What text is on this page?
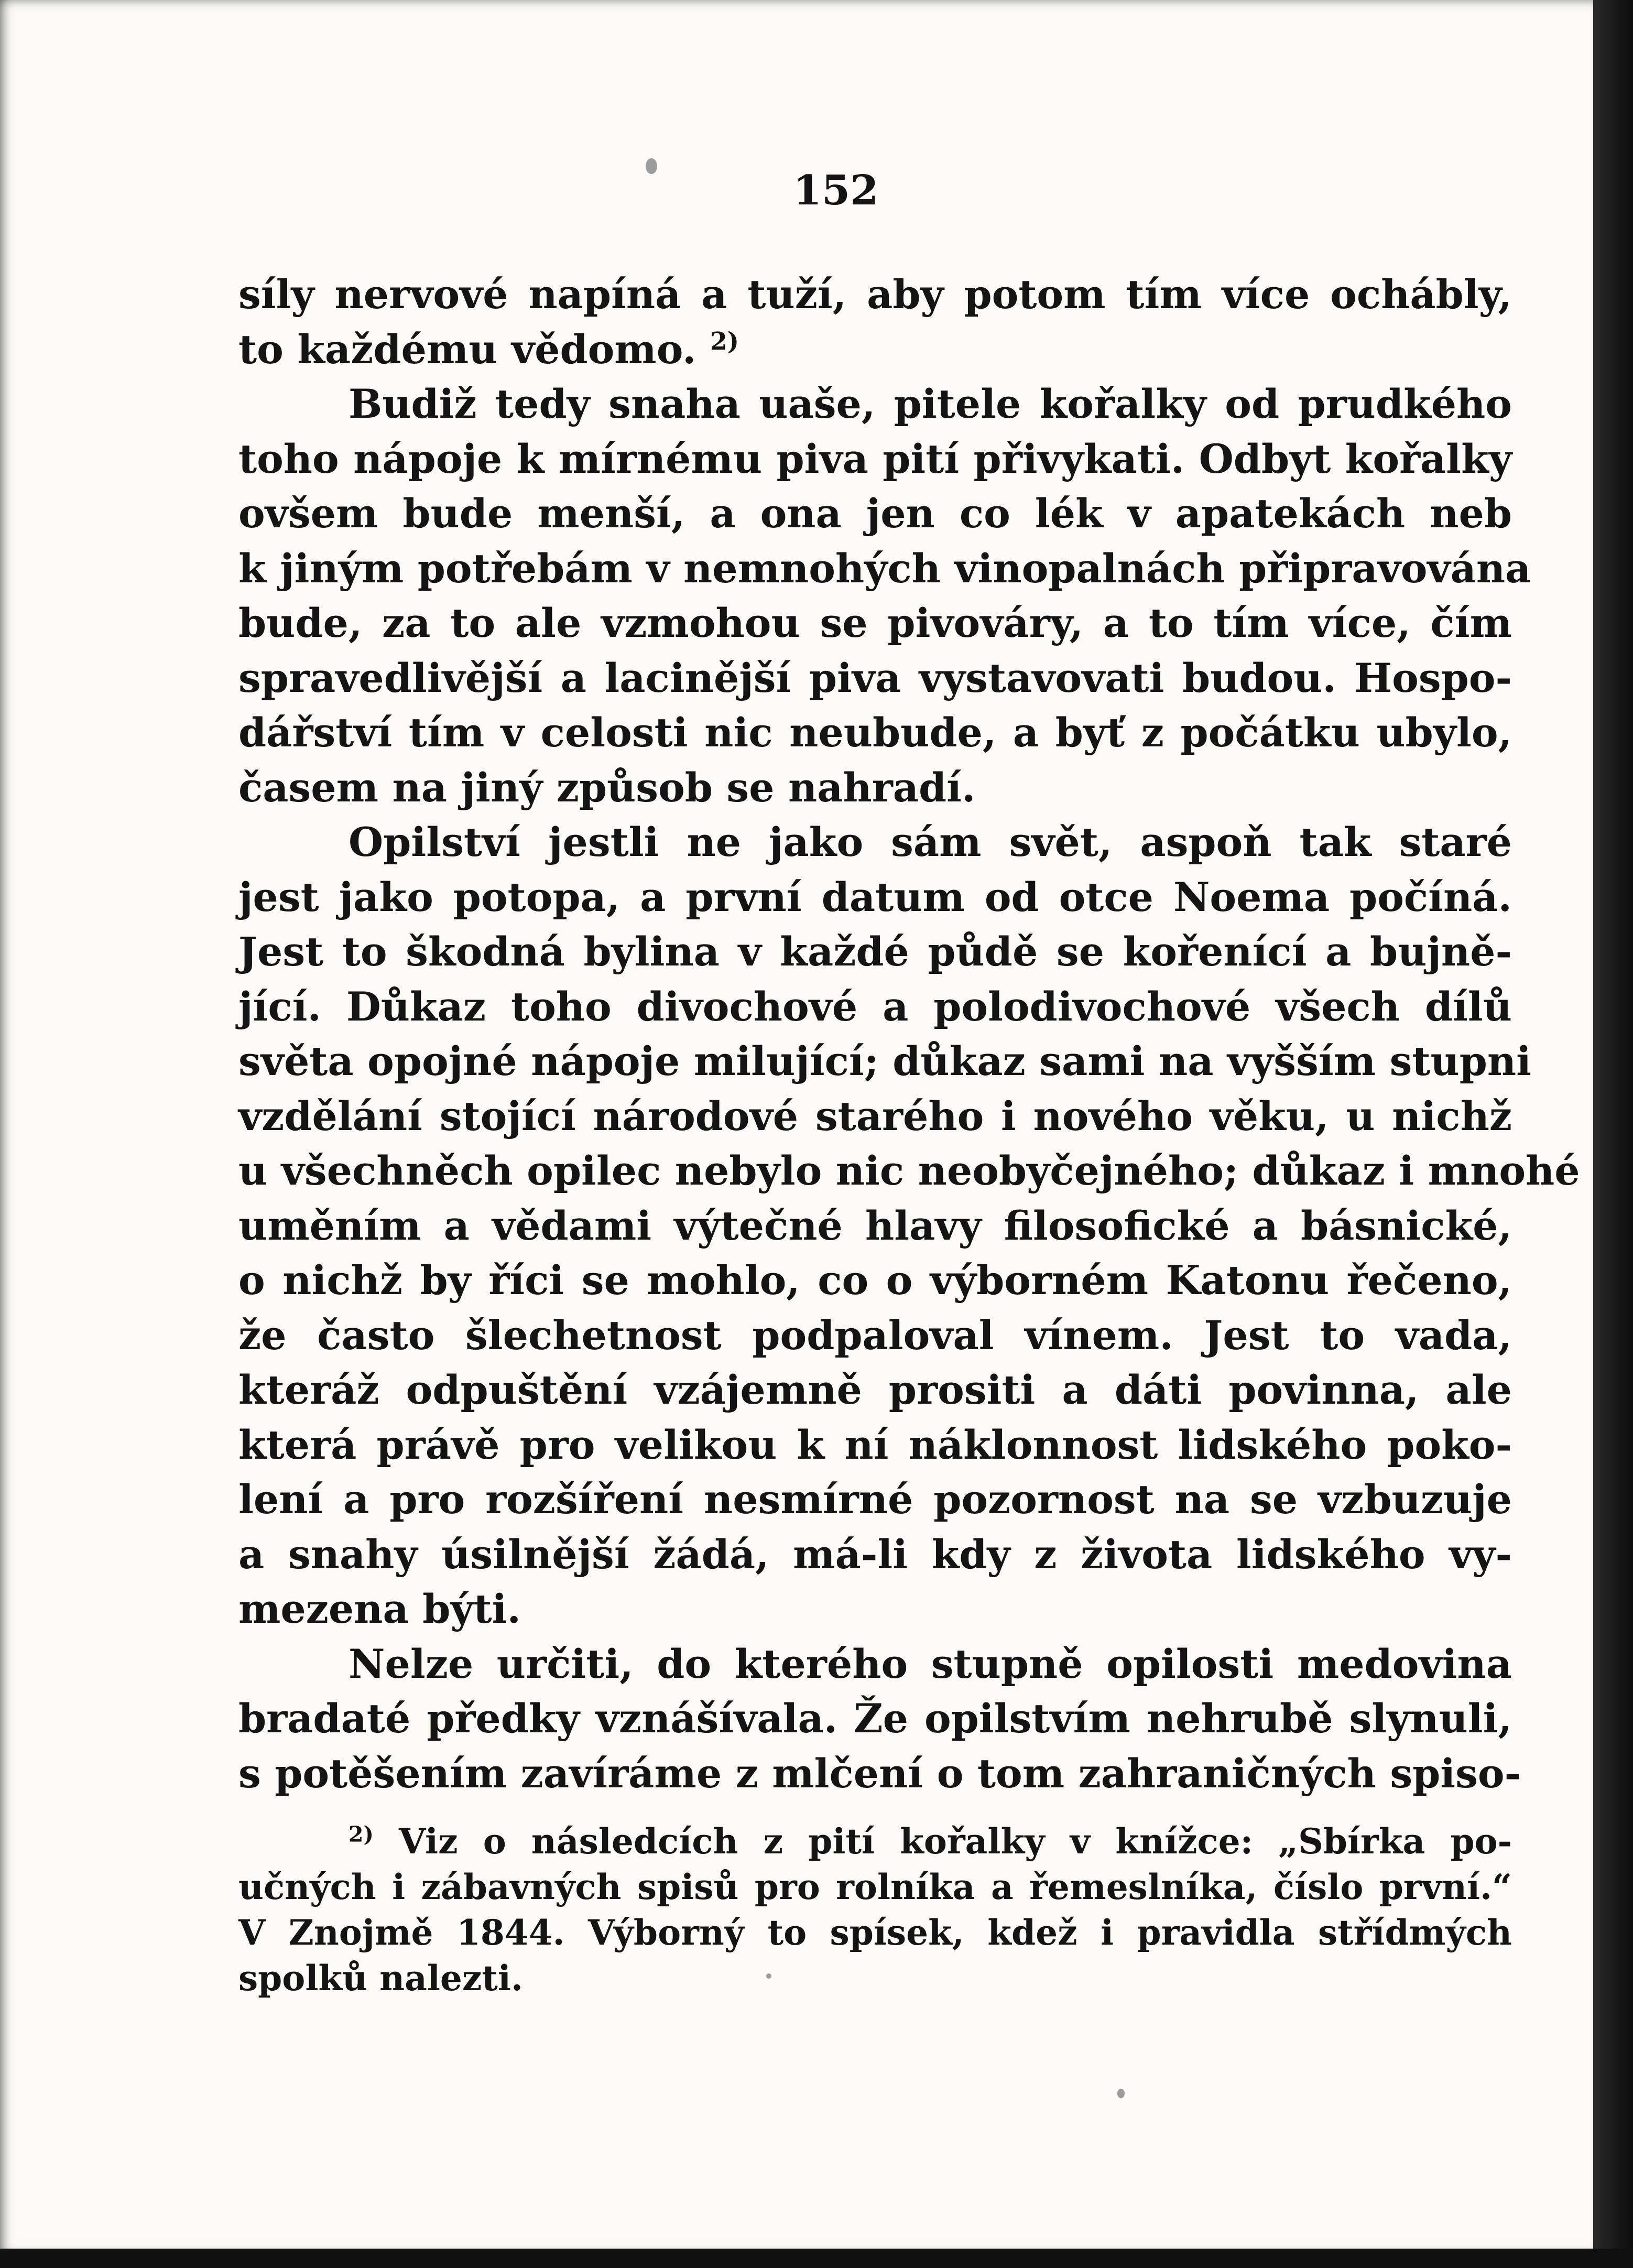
152
síly nervové napíná a tuží, aby potom tím více ochábly,
to každému vědomo. $^{2)}$
Budiž tedy snaha uaše, pitele kořalky od prudkého
toho nápoje k mírnému piva pití přivykati. Odbyt kořalky
ovšem bude menší, a ona jen co lék v apatekách neb
k jiným potřebám v nemnohých vinopalnách připravována
bude, za to ale vzmohou se pivováry, a to tím více, čím
spravedlivější a lacinější piva vystavovati budou. Hospo-
dářství tím v celosti nic neubude, a byť z počátku ubylo,
časem na jiný způsob se nahradí.
Opilství jestli ne jako sám svět, aspoň tak staré
jest jako potopa, a první datum od otce Noema počíná.
Jest to škodná bylina v každé půdě se kořenící a bujně-
jící. Důkaz toho divochové a polodivochové všech dílů
světa opojné nápoje milující; důkaz sami na vyšším stupni
vzdělání stojící národové starého i nového věku, u nichž
u všechněch opilec nebylo nic neobyčejného; důkaz i mnohé
uměním a vědami výtečné hlavy filosofické a básnické,
o nichž by říci se mohlo, co o výborném Katonu řečeno,
že často šlechetnost podpaloval vínem. Jest to vada,
kteráž odpuštění vzájemně prositi a dáti povinna, ale
která právě pro velikou k ní náklonnost lidského poko-
lení a pro rozšíření nesmírné pozornost na se vzbuzuje
a snahy úsilnější žádá, má-li kdy z života lidského vy-
mezena býti.
Nelze určiti, do kterého stupně opilosti medovina
bradaté předky vznášívala. Že opilstvím nehrubě slynuli,
s potěšením zavíráme z mlčení o tom zahraničných spiso-
$^{2)}$ Viz o následcích z pití kořalky v knížce: „Sbírka po-
učných i zábavných spisů pro rolníka a řemeslníka, číslo první.“
V Znojmě 1844. Výborný to spísek, kdež i pravidla střídmých
spolků nalezti.
